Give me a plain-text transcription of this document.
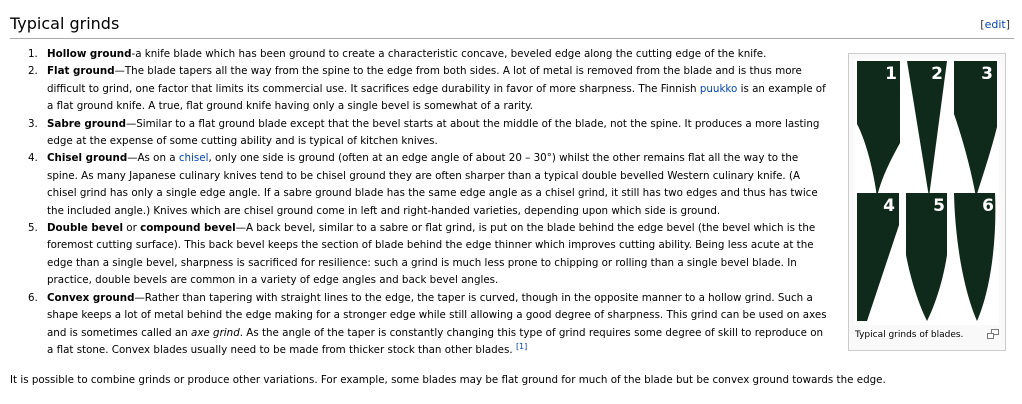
Typical grinds	[edit]
1. Hollow ground-a knife blade which has been ground to create a characteristic concave, beveled edge along the cutting edge of the knife.
2. Flat ground—The blade tapers all the way from the spine to the edge from both sides. A lot of metal is removed from the blade and is thus more difficult to grind, one factor that limits its commercial use. It sacrifices edge durability in favor of more sharpness. The Finnish puukko is an example of a flat ground knife. A true, flat ground knife having only a single bevel is somewhat of a rarity.
3. Sabre ground—Similar to a flat ground blade except that the bevel starts at about the middle of the blade, not the spine. It produces a more lasting edge at the expense of some cutting ability and is typical of kitchen knives.
4. Chisel ground—As on a chisel, only one side is ground (often at an edge angle of about 20 – 30°) whilst the other remains flat all the way to the spine. As many Japanese culinary knives tend to be chisel ground they are often sharper than a typical double bevelled Western culinary knife. (A chisel grind has only a single edge angle. If a sabre ground blade has the same edge angle as a chisel grind, it still has two edges and thus has twice the included angle.) Knives which are chisel ground come in left and right-handed varieties, depending upon which side is ground.
5. Double bevel or compound bevel—A back bevel, similar to a sabre or flat grind, is put on the blade behind the edge bevel (the bevel which is the foremost cutting surface). This back bevel keeps the section of blade behind the edge thinner which improves cutting ability. Being less acute at the edge than a single bevel, sharpness is sacrificed for resilience: such a grind is much less prone to chipping or rolling than a single bevel blade. In practice, double bevels are common in a variety of edge angles and back bevel angles.
6. Convex ground—Rather than tapering with straight lines to the edge, the taper is curved, though in the opposite manner to a hollow grind. Such a shape keeps a lot of metal behind the edge making for a stronger edge while still allowing a good degree of sharpness. This grind can be used on axes and is sometimes called an axe grind. As the angle of the taper is constantly changing this type of grind requires some degree of skill to reproduce on a flat stone. Convex blades usually need to be made from thicker stock than other blades. [1]
1 2 3
4 5 6
Typical grinds of blades.

It is possible to combine grinds or produce other variations. For example, some blades may be flat ground for much of the blade but be convex ground towards the edge.
